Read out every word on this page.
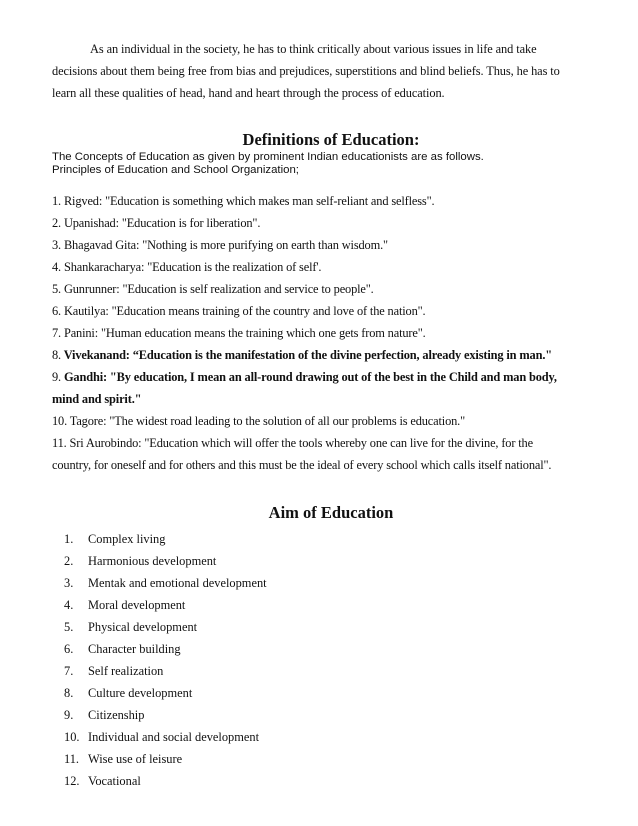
As an individual in the society, he has to think critically about various issues in life and take
decisions about them being free from bias and prejudices, superstitions and blind beliefs. Thus, he has to
learn all these qualities of head, hand and heart through the process of education.
Definitions of Education:
The Concepts of Education as given by prominent Indian educationists are as follows.
Principles of Education and School Organization;
1. Rigved: "Education is something which makes man self-reliant and selfless".
2. Upanishad: "Education is for liberation".
3. Bhagavad Gita: "Nothing is more purifying on earth than wisdom."
4. Shankaracharya: "Education is the realization of self'.
5. Gunrunner: "Education is self realization and service to people".
6. Kautilya: "Education means training of the country and love of the nation".
7. Panini: "Human education means the training which one gets from nature".
8. Vivekanand: “Education is the manifestation of the divine perfection, already existing in man."
9. Gandhi: "By education, I mean an all-round drawing out of the best in the Child and man body,
mind and spirit."
10. Tagore: "The widest road leading to the solution of all our problems is education."
11. Sri Aurobindo: "Education which will offer the tools whereby one can live for the divine, for the
country, for oneself and for others and this must be the ideal of every school which calls itself national".
Aim of Education
1. Complex living
2. Harmonious development
3. Mentak and emotional development
4. Moral development
5. Physical development
6. Character building
7. Self realization
8. Culture development
9. Citizenship
10. Individual and social development
11. Wise use of leisure
12. Vocational
